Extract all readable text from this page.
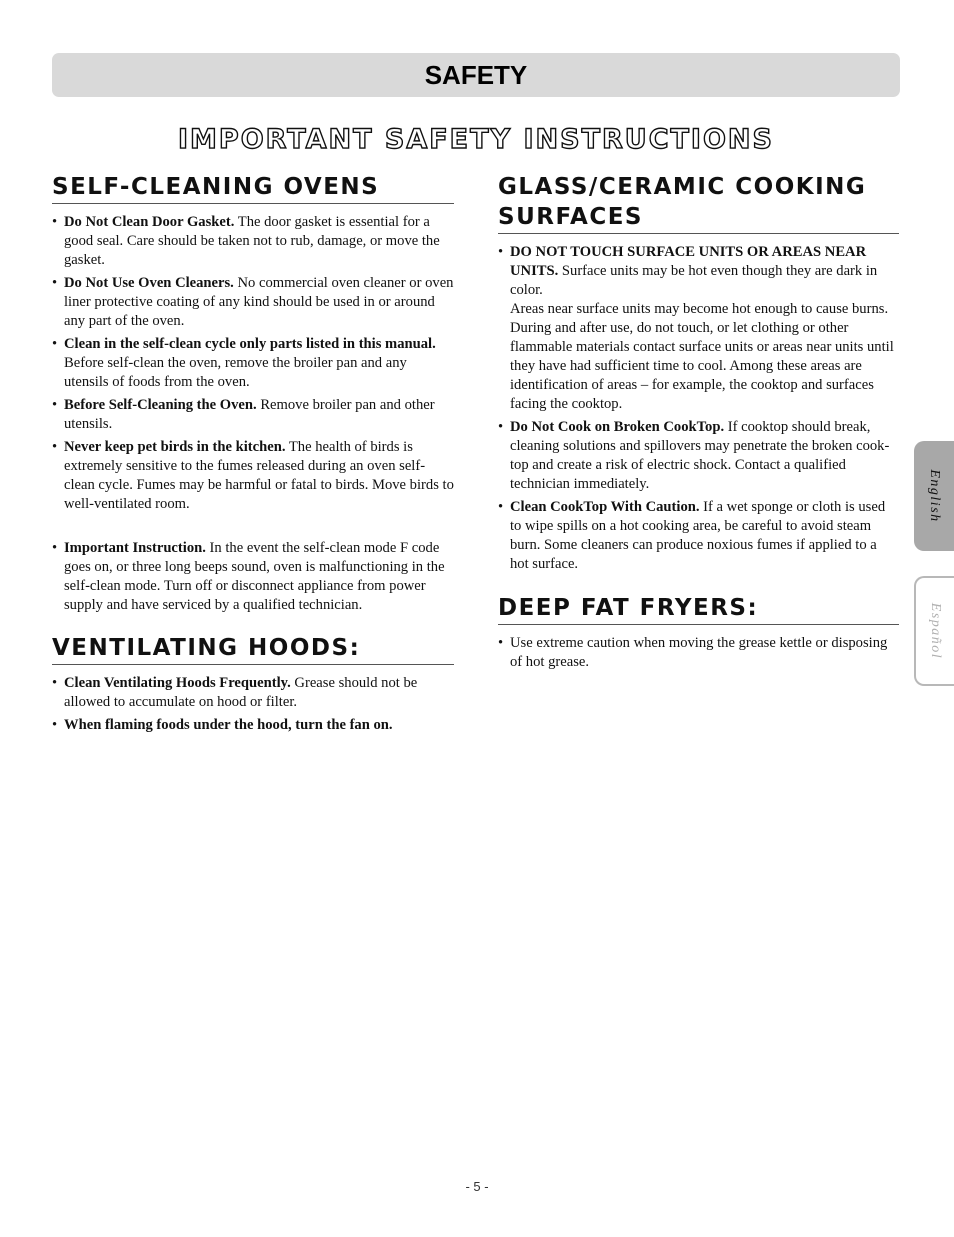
SAFETY
IMPORTANT SAFETY INSTRUCTIONS
SELF-CLEANING OVENS
• Do Not Clean Door Gasket. The door gasket is essential for a good seal. Care should be taken not to rub, damage, or move the gasket.
• Do Not Use Oven Cleaners. No commercial oven cleaner or oven liner protective coating of any kind should be used in or around any part of the oven.
• Clean in the self-clean cycle only parts listed in this manual. Before self-clean the oven, remove the broiler pan and any utensils of foods from the oven.
• Before Self-Cleaning the Oven. Remove broiler pan and other utensils.
• Never keep pet birds in the kitchen. The health of birds is extremely sensitive to the fumes released during an oven self-clean cycle. Fumes may be harmful or fatal to birds. Move birds to well-ventilated room.
• Important Instruction. In the event the self-clean mode F code goes on, or three long beeps sound, oven is malfunctioning in the self-clean mode. Turn off or disconnect appliance from power supply and have serviced by a qualified technician.
VENTILATING HOODS:
• Clean Ventilating Hoods Frequently. Grease should not be allowed to accumulate on hood or filter.
• When flaming foods under the hood, turn the fan on.
GLASS/CERAMIC COOKING SURFACES
• DO NOT TOUCH SURFACE UNITS OR AREAS NEAR UNITS. Surface units may be hot even though they are dark in color.
Areas near surface units may become hot enough to cause burns. During and after use, do not touch, or let clothing or other flammable materials contact surface units or areas near units until they have had sufficient time to cool. Among these areas are identification of areas – for example, the cooktop and surfaces facing the cooktop.
• Do Not Cook on Broken CookTop. If cooktop should break, cleaning solutions and spillovers may penetrate the broken cook-top and create a risk of electric shock. Contact a qualified technician immediately.
• Clean CookTop With Caution. If a wet sponge or cloth is used to wipe spills on a hot cooking area, be careful to avoid steam burn. Some cleaners can produce noxious fumes if applied to a hot surface.
DEEP FAT FRYERS:
• Use extreme caution when moving the grease kettle or disposing of hot grease.
English
Español
- 5 -
